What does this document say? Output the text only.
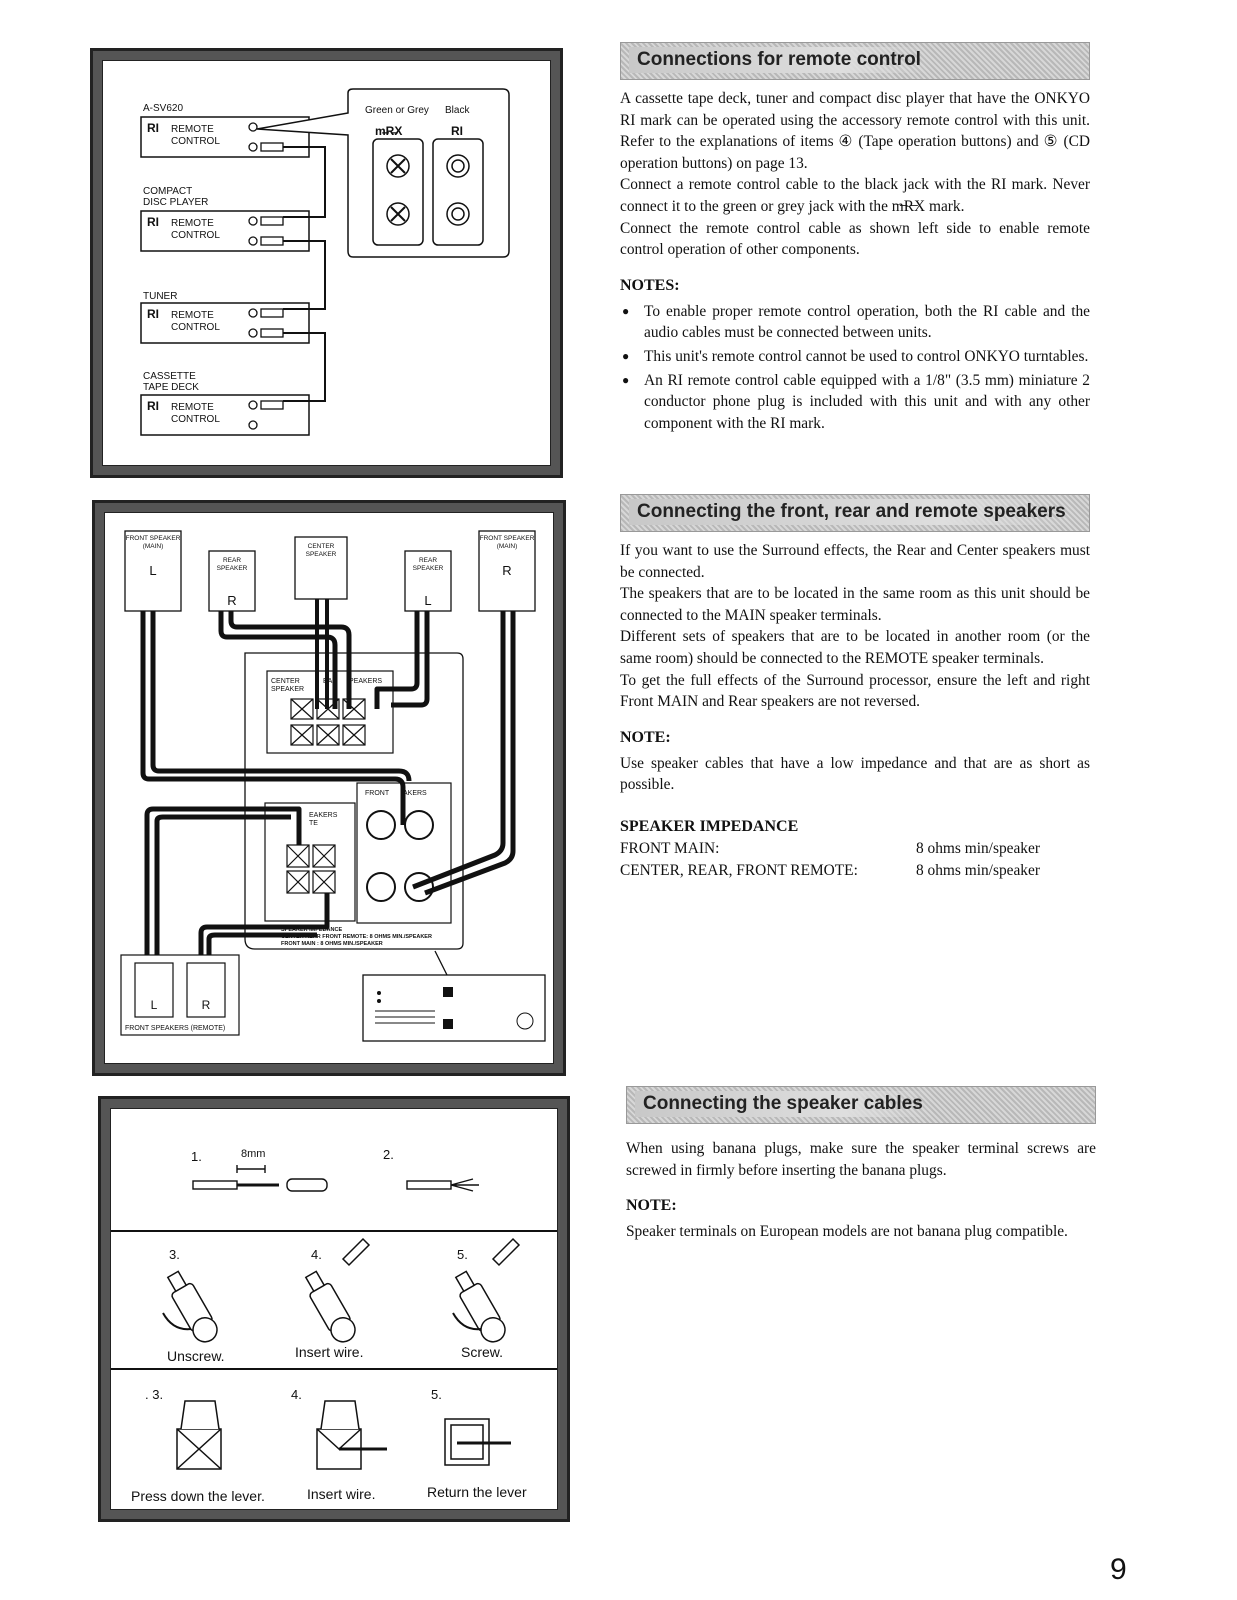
A-SV620
COMPACT
DISC PLAYER
TUNER
CASSETTE
TAPE DECK
RI REMOTE
CONTROL
RI REMOTE
CONTROL
RI REMOTE
CONTROL
RI REMOTE
CONTROL
Green or Grey Black
m̶R̶X	RI
FRONT SPEAKER
(MAIN)
FRONT SPEAKER
(MAIN)
REAR
SPEAKER
REAR
SPEAKER
CENTER
SPEAKER
L
R	L
R
CENTER
SPEAKER
EA PEAKERS
FRONT AKERS
EAKERS
TE
SPEAKER IMPEDANCE
CENTER REAR FRONT REMOTE: 8 OHMS MIN./SPEAKER
FRONT MAIN : 8 OHMS MIN./SPEAKER
L	R
FRONT SPEAKERS (REMOTE)
1.	2.
8mm
3.	4.	5.
Unscrew.	Insert wire.	Screw.
. 3.	4.	5.
Press down the lever.	Insert wire.	Return the lever
Connections for remote control

A cassette tape deck, tuner and compact disc player that have the ONKYO RI mark can be operated using the accessory remote control with this unit. Refer to the explanations of items ④ (Tape operation buttons) and ⑤ (CD operation buttons) on page 13.

Connect a remote control cable to the black jack with the RI mark. Never connect it to the green or grey jack with the m̶R̶X mark.

Connect the remote control cable as shown left side to enable remote control operation of other components.

NOTES:
● To enable proper remote control operation, both the RI cable and the audio cables must be connected between units.
● This unit's remote control cannot be used to control ONKYO turntables.
● An RI remote control cable equipped with a 1/8" (3.5 mm) miniature 2 conductor phone plug is included with this unit and with any other component with the RI mark.
Connecting the front, rear and remote speakers

If you want to use the Surround effects, the Rear and Center speakers must be connected.

The speakers that are to be located in the same room as this unit should be connected to the MAIN speaker terminals.

Different sets of speakers that are to be located in another room (or the same room) should be connected to the REMOTE speaker terminals.

To get the full effects of the Surround processor, ensure the left and right Front MAIN and Rear speakers are not reversed.

NOTE:

Use speaker cables that have a low impedance and that are as short as possible.

SPEAKER IMPEDANCE
FRONT MAIN:	8 ohms min/speaker
CENTER, REAR, FRONT REMOTE:	8 ohms min/speaker
Connecting the speaker cables

When using banana plugs, make sure the speaker terminal screws are screwed in firmly before inserting the banana plugs.

NOTE:

Speaker terminals on European models are not banana plug compatible.

9
